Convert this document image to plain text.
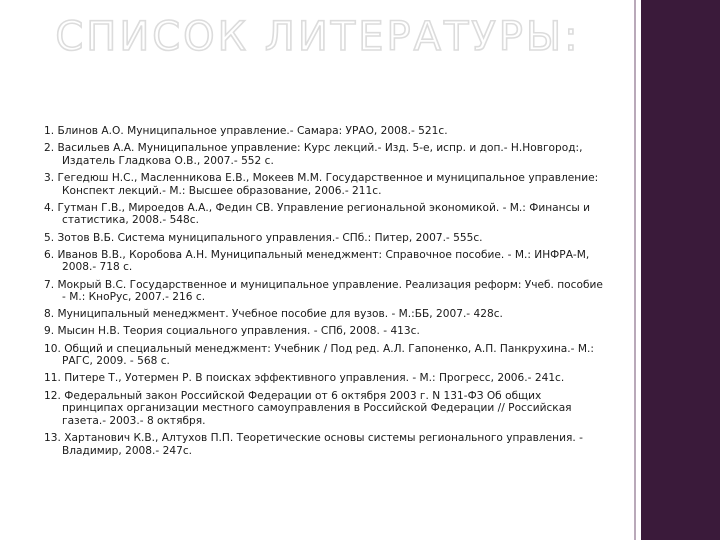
СПИСОК ЛИТЕРАТУРЫ:
1. Блинов А.О. Муниципальное управление.- Самара: УРАО, 2008.- 521с.
2. Васильев А.А. Муниципальное управление: Курс лекций.- Изд. 5-е, испр. и доп.- Н.Новгород:, Издатель Гладкова О.В., 2007.- 552 с.
3. Гегедюш Н.С., Масленникова Е.В., Мокеев М.М. Государственное и муниципальное управление: Конспект лекций.- М.: Высшее образование, 2006.- 211с.
4. Гутман Г.В., Мироедов А.А., Федин СВ. Управление региональной экономикой. - М.: Финансы и статистика, 2008.- 548с.
5. Зотов В.Б. Система муниципального управления.- СПб.: Питер, 2007.- 555с.
6. Иванов В.В., Коробова А.Н. Муниципальный менеджмент: Справочное пособие. - М.: ИНФРА-М, 2008.- 718 с.
7. Мокрый В.С. Государственное и муниципальное управление. Реализация реформ: Учеб. пособие - М.: КноРус, 2007.- 216 с.
8. Муниципальный менеджмент. Учебное пособие для вузов. - М.:ББ, 2007.- 428с.
9. Мысин Н.В. Теория социального управления. - СПб, 2008. - 413с.
10. Общий и специальный менеджмент: Учебник / Под ред. А.Л. Гапоненко, А.П. Панкрухина.- М.: РАГС, 2009. - 568 с.
11. Питере Т., Уотермен Р. В поисках эффективного управления. - М.: Прогресс, 2006.- 241с.
12. Федеральный закон Российской Федерации от 6 октября 2003 г. N 131-ФЗ Об общих принципах организации местного самоуправления в Российской Федерации // Российская газета.- 2003.- 8 октября.
13. Хартанович К.В., Алтухов П.П. Теоретические основы системы регионального управления. - Владимир, 2008.- 247с.
